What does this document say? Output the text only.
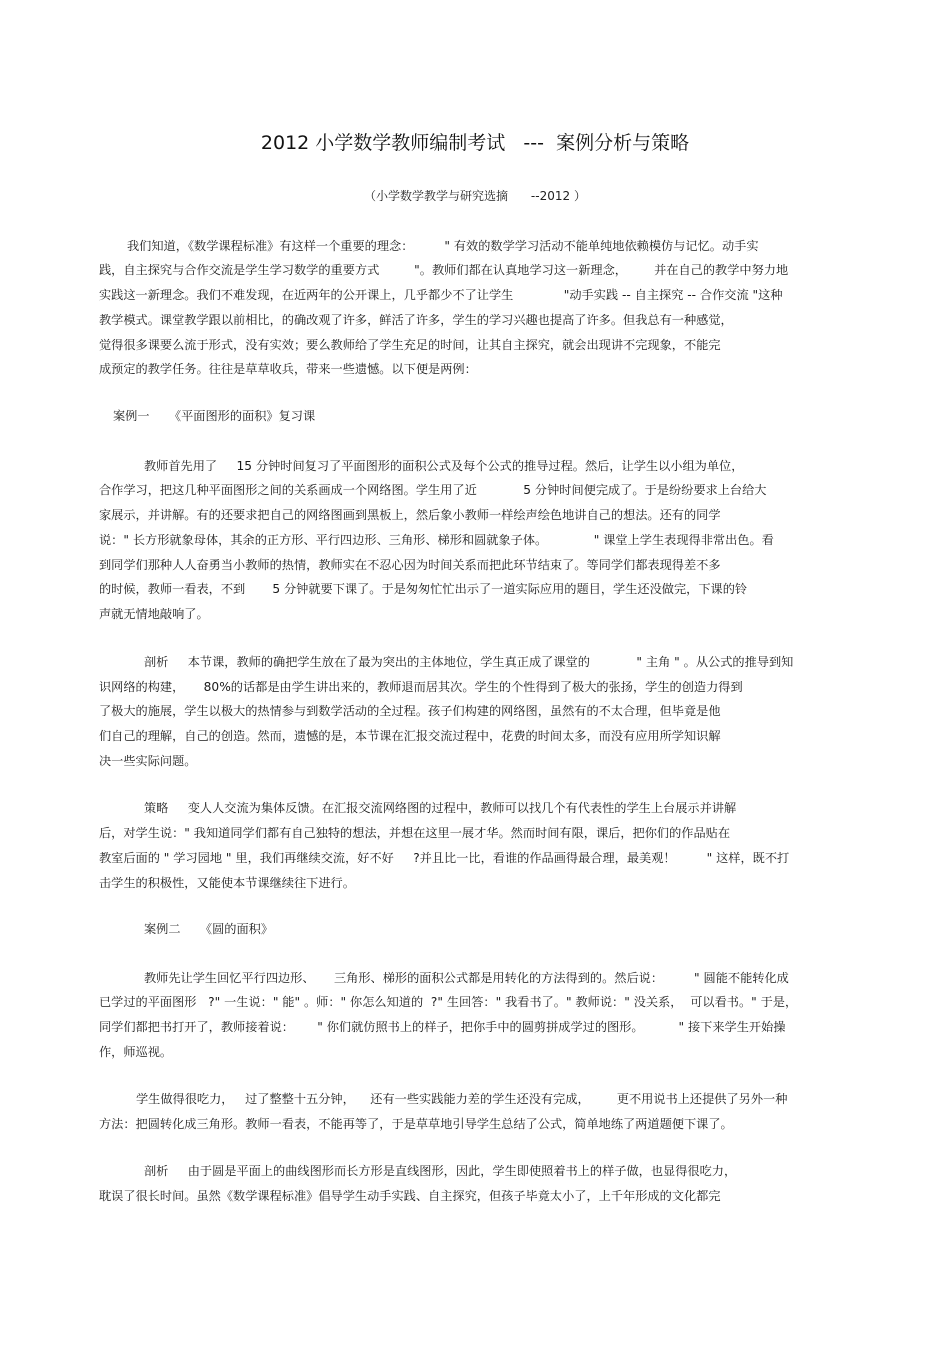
2012 小学数学教师编制考试   ---  案例分析与策略
（小学数学教学与研究选摘      --2012 ）
我们知道，《数学课程标准》有这样一个重要的理念：        " 有效的数学学习活动不能单纯地依赖模仿与记忆。动手实
践，自主探究与合作交流是学生学习数学的重要方式         "。教师们都在认真地学习这一新理念，       并在自己的教学中努力地
实践这一新理念。我们不难发现，在近两年的公开课上，几乎都少不了让学生             "动手实践 -- 自主探究 -- 合作交流 "这种
教学模式。课堂教学跟以前相比，的确改观了许多，鲜活了许多，学生的学习兴趣也提高了许多。但我总有一种感觉，
觉得很多课要么流于形式，没有实效；要么教师给了学生充足的时间，让其自主探究，就会出现讲不完现象，不能完
成预定的教学任务。往往是草草收兵，带来一些遗憾。以下便是两例：
案例一     《平面图形的面积》复习课
教师首先用了     15 分钟时间复习了平面图形的面积公式及每个公式的推导过程。然后，让学生以小组为单位，
合作学习，把这几种平面图形之间的关系画成一个网络图。学生用了近            5 分钟时间便完成了。于是纷纷要求上台给大
家展示，并讲解。有的还要求把自己的网络图画到黑板上，然后象小教师一样绘声绘色地讲自己的想法。还有的同学
说：" 长方形就象母体，其余的正方形、平行四边形、三角形、梯形和圆就象子体。            " 课堂上学生表现得非常出色。看
到同学们那种人人奋勇当小教师的热情，教师实在不忍心因为时间关系而把此环节结束了。等同学们都表现得差不多
的时候，教师一看表，不到       5 分钟就要下课了。于是匆匆忙忙出示了一道实际应用的题目，学生还没做完，下课的铃
声就无情地敲响了。
剖析     本节课，教师的确把学生放在了最为突出的主体地位，学生真正成了课堂的            " 主角 " 。从公式的推导到知
识网络的构建，     80%的话都是由学生讲出来的，教师退而居其次。学生的个性得到了极大的张扬，学生的创造力得到
了极大的施展，学生以极大的热情参与到数学活动的全过程。孩子们构建的网络图，虽然有的不太合理，但毕竟是他
们自己的理解，自己的创造。然而，遗憾的是，本节课在汇报交流过程中，花费的时间太多，而没有应用所学知识解
决一些实际问题。
策略     变人人交流为集体反馈。在汇报交流网络图的过程中，教师可以找几个有代表性的学生上台展示并讲解
后，对学生说：" 我知道同学们都有自己独特的想法，并想在这里一展才华。然而时间有限，课后，把你们的作品贴在
教室后面的 " 学习园地 " 里，我们再继续交流，好不好     ?并且比一比，看谁的作品画得最合理，最美观！        " 这样，既不打
击学生的积极性，又能使本节课继续往下进行。
案例二     《圆的面积》
教师先让学生回忆平行四边形、     三角形、梯形的面积公式都是用转化的方法得到的。然后说：        " 圆能不能转化成
已学过的平面图形   ?" 一生说：" 能" 。师：" 你怎么知道的  ?" 生回答：" 我看书了。" 教师说：" 没关系，  可以看书。" 于是，
同学们都把书打开了，教师接着说：      " 你们就仿照书上的样子，把你手中的圆剪拼成学过的图形。         " 接下来学生开始操
作，师巡视。
学生做得很吃力，   过了整整十五分钟，    还有一些实践能力差的学生还没有完成，       更不用说书上还提供了另外一种
方法：把圆转化成三角形。教师一看表，不能再等了，于是草草地引导学生总结了公式，简单地练了两道题便下课了。
剖析     由于圆是平面上的曲线图形而长方形是直线图形，因此，学生即使照着书上的样子做，也显得很吃力，
耽误了很长时间。虽然《数学课程标准》倡导学生动手实践、自主探究，但孩子毕竟太小了，上千年形成的文化都完
